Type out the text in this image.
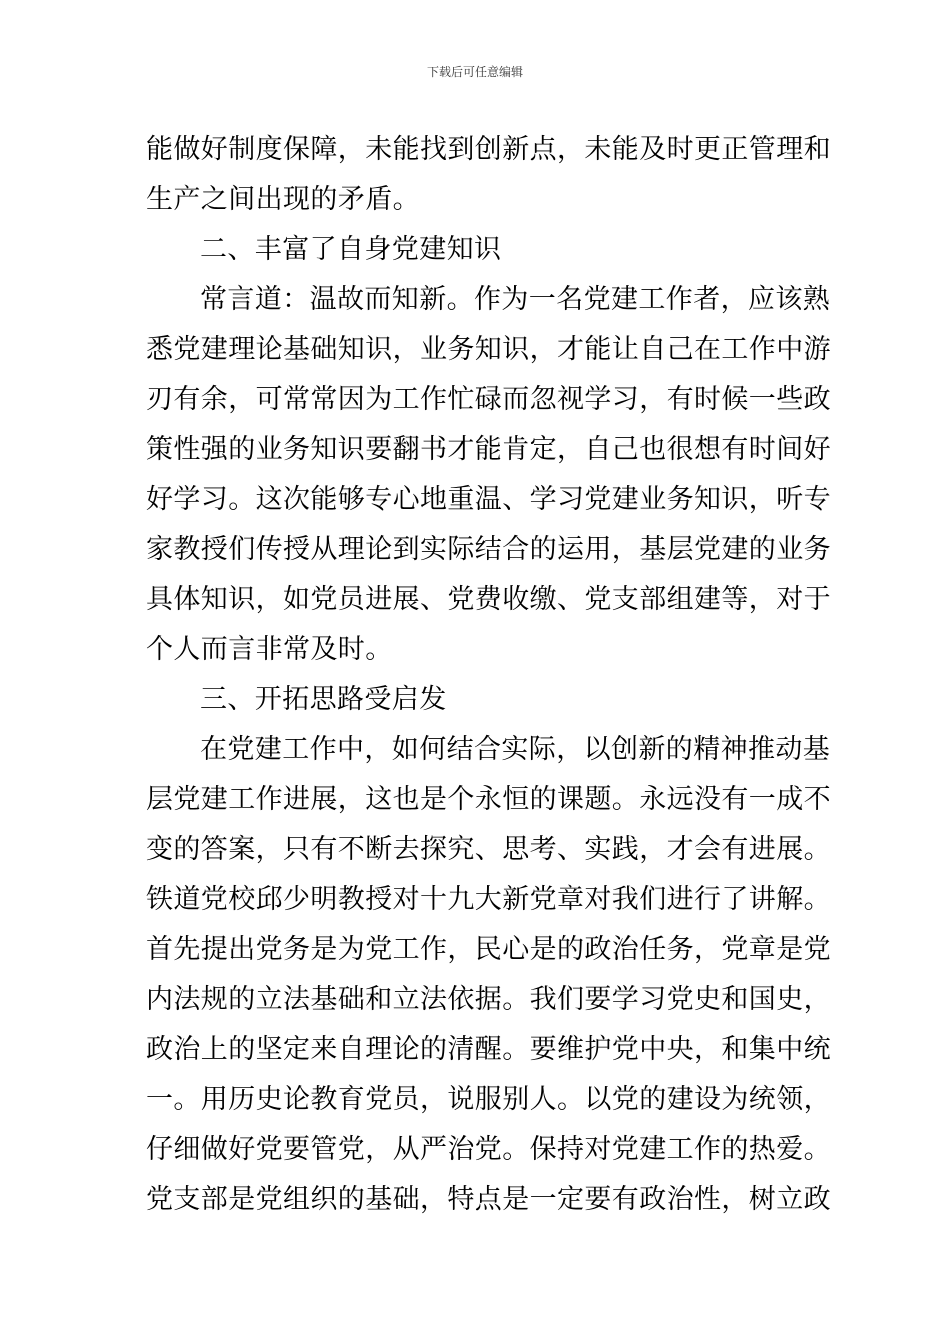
下载后可任意编辑
能做好制度保障，未能找到创新点，未能及时更正管理和
生产之间出现的矛盾。
二、丰富了自身党建知识
常言道：温故而知新。作为一名党建工作者，应该熟
悉党建理论基础知识，业务知识，才能让自己在工作中游
刃有余，可常常因为工作忙碌而忽视学习，有时候一些政
策性强的业务知识要翻书才能肯定，自己也很想有时间好
好学习。这次能够专心地重温、学习党建业务知识，听专
家教授们传授从理论到实际结合的运用，基层党建的业务
具体知识，如党员进展、党费收缴、党支部组建等，对于
个人而言非常及时。
三、开拓思路受启发
在党建工作中，如何结合实际，以创新的精神推动基
层党建工作进展，这也是个永恒的课题。永远没有一成不
变的答案，只有不断去探究、思考、实践，才会有进展。
铁道党校邱少明教授对十九大新党章对我们进行了讲解。
首先提出党务是为党工作，民心是的政治任务，党章是党
内法规的立法基础和立法依据。我们要学习党史和国史，
政治上的坚定来自理论的清醒。要维护党中央，和集中统
一。用历史论教育党员，说服别人。以党的建设为统领，
仔细做好党要管党，从严治党。保持对党建工作的热爱。
党支部是党组织的基础，特点是一定要有政治性，树立政
